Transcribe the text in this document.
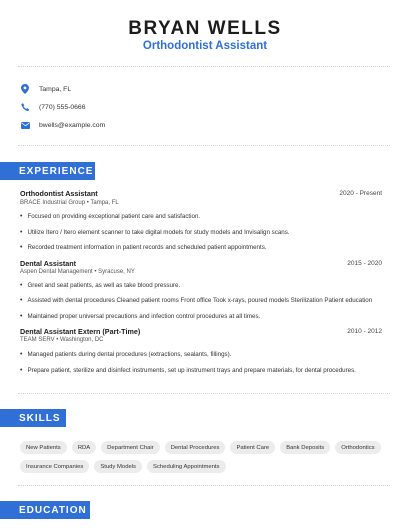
BRYAN WELLS
Orthodontist Assistant
Tampa, FL
(770) 555-0666
bwells@example.com
EXPERIENCE
Orthodontist Assistant	2020 - Present
BRACE Industrial Group • Tampa, FL
• Focused on providing exceptional patient care and satisfaction.
• Utilize Itero / Itero element scanner to take digital models for study models and Invisalign scans.
• Recorded treatment information in patient records and scheduled patient appointments.
Dental Assistant	2015 - 2020
Aspen Dental Management • Syracuse, NY
• Greet and seat patients, as well as take blood pressure.
• Assisted with dental procedures Cleaned patient rooms Front office Took x-rays, poured models Sterilization Patient education
• Maintained proper universal precautions and infection control procedures at all times.
Dental Assistant Extern (Part-Time)	2010 - 2012
TEAM SERV • Washington, DC
• Managed patients during dental procedures (extractions, sealants, fillings).
• Prepare patient, sterilize and disinfect instruments, set up instrument trays and prepare materials, for dental procedures.
SKILLS
New Patients	RDA	Department Chair	Dental Procedures	Patient Care	Bank Deposits	Orthodontics
Insurance Companies	Study Models	Scheduling Appointments
EDUCATION
